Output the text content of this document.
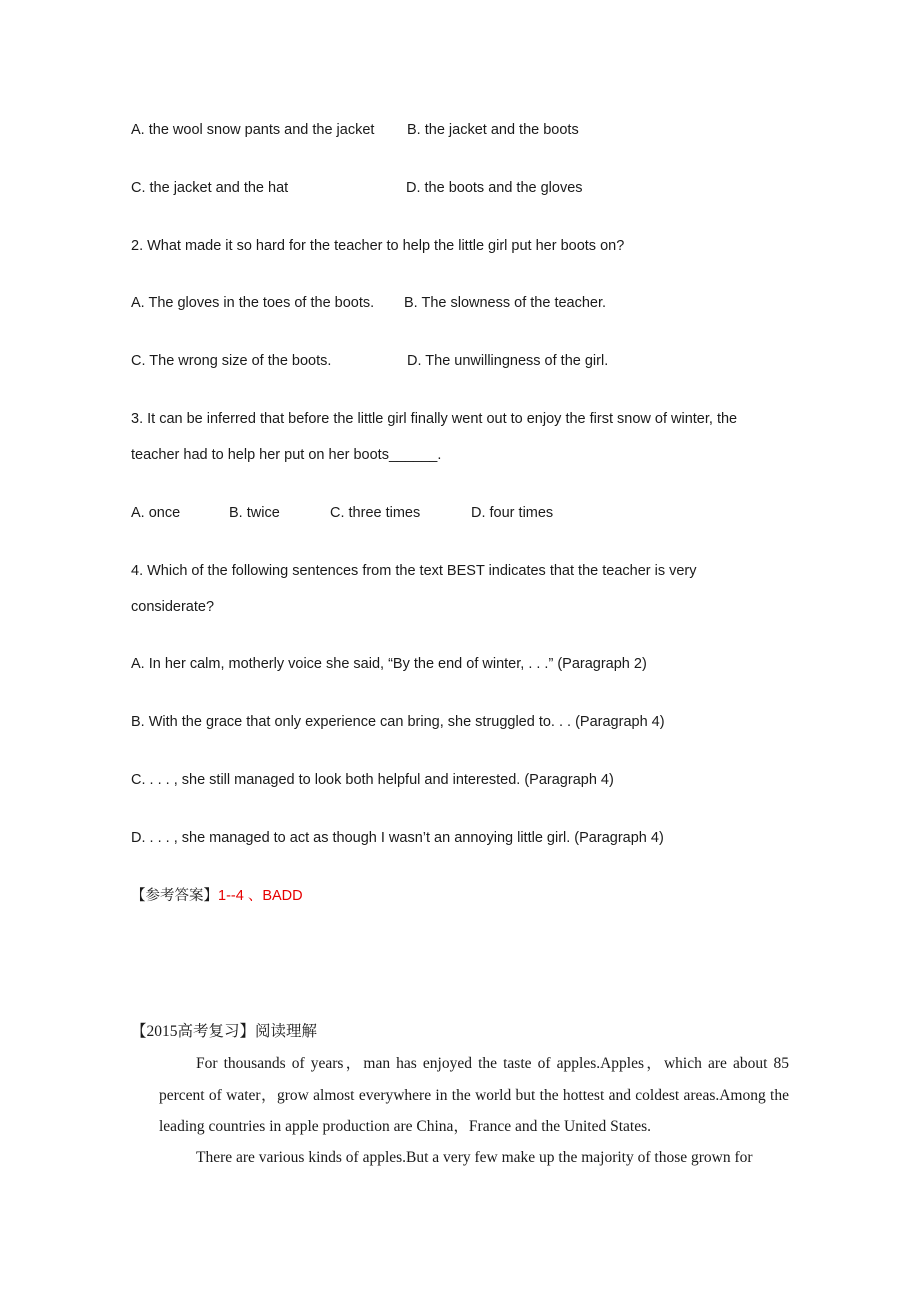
A. the wool snow pants and the jacket B. the jacket and the boots
C. the jacket and the hat	D. the boots and the gloves
2. What made it so hard for the teacher to help the little girl put her boots on?
A. The gloves in the toes of the boots. B. The slowness of the teacher.
C. The wrong size of the boots.	D. The unwillingness of the girl.
3. It can be inferred that before the little girl finally went out to enjoy the first snow of winter, the
teacher had to help her put on her boots______.
A. once	B. twice	C. three times	D. four times
4. Which of the following sentences from the text BEST indicates that the teacher is very
considerate?
A. In her calm, motherly voice she said, “By the end of winter, . . .” (Paragraph 2)
B. With the grace that only experience can bring, she struggled to. . . (Paragraph 4)
C. . . . , she still managed to look both helpful and interested. (Paragraph 4)
D. . . . , she managed to act as though I wasn’t an annoying little girl. (Paragraph 4)
【参考答案】1--4 、BADD
【2015高考复习】阅读理解
For thousands of years，man has enjoyed the taste of apples.Apples，which are about 85 percent of water，grow almost everywhere in the world but the hottest and coldest areas.Among the leading countries in apple production are China，France and the United States.
There are various kinds of apples.But a very few make up the majority of those grown for
